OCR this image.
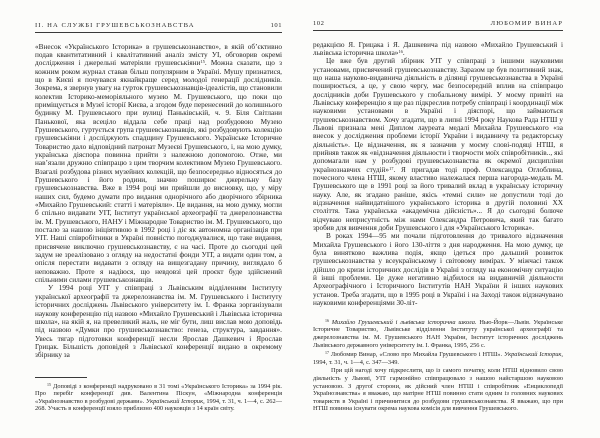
ІІ. НА СЛУЖБІ ГРУШЕВСЬКОЗНАВСТВА	101

«Внесок «Українського Історика» в грушевськознавство», в якій об’єктивно подав квантитативний і квалітативний аналіз змісту УІ, обговорив окремі дослідження і джерельні матеріяли грушевськіяни$^{15}$. Можна сказати, що з кожним роком журнал ставав більш популярним в Україні. Мушу признатися, що в Києві я почувався якнайкраще серед молодої генерації дослідників. Зокрема, я звернув увагу на гурток грушевськознавців-ідеалістів, що становили колектив Історико-меморіяльного музею М. Грушевського, що поки що приміщується в Музеї історії Києва, а згодом буде перенесений до колишнього будинку М. Грушевського при вулиці Паньківській, ч. 9. Біля Світлани Панькової, яка всеціло віддала себе праці над розбудовою Музею Грушевського, гуртується група грушевськознавців, які розбудовують колекцію грушевськіяни і досліджують спадщину Грушевського. Українське Історичне Товариство дало відповідний патронат Музеєві Грушевського, і, на мою думку, українська діяспора повинна прийти з належною допомогою. Отже, ми нав’язали дружню співпрацю з цим творчим колективом Музею Грушевського. Взагалі розбудова різних музейних колекцій, що безпосередньо відносяться до Грушевського і його родини, значно поширює джерельну базу грушевськознавства. Вже в 1994 році ми прийшли до висновку, що, у міру наших сил, будемо думати про видання однорічного або дворічного збірника «Михайло Грушевський: статті і матеріяли». Це видання, на мою думку, могли б спільно видавати УІТ, Інститут української археографії та джерелознавства ім. М. Грушевського, НАНУ і Міжнародне Товариство ім. М. Грушевського, що постало за нашою ініціятивою в 1992 році і діє як автономна організація при УІТ. Наші співробітники в Україні повністю погоджувалися, що таке видання, присвячене виключно грушевськознавству, є на часі. Проте до сьогодні цей задум не зреалізовано з огляду на недостатні фонди УІТ, а видати один том, а опісля перестати видавати з огляду на вищезгадану причину, виглядало б неповажно. Проте я надіюся, що невдовзі цей проєкт буде здійснений спільними силами грушевськознавців.

У 1994 році УІТ у співпраці з Львівським відділенням Інституту української археографії та джерелознавства ім. М. Грушевського і Інституту історичних досліджень Львівського університету ім. І. Франка зорганізували наукову конференцію під назвою «Михайло Грушевський і Львівська історична школа», на якій я, на превеликий жаль, не міг бути, лиш вислав мою доповідь під назвою «Думки про грушевськознавство: генеза, структура, завдання». Увесь тягар підготовки конференції несли Ярослав Дашкевич і Ярослав Грицак. Більшість доповідей з Львівської конференції видано в окремому збірнику за

$^{15}$ Доповіді з конференції надруковано в 31 томі «Українського Історика» за 1994 рік. Про перебіг конференції див. Валентина Піскун, «Міжнародна конференція «Українознавство в розбудові держави». Український Історик, 1994, т. 31, ч. 1—4, с. 262—268. Участь в конференції взяло приблизно 400 науковців з 14 країн світу.

102	ЛЮБОМИР ВИНАР

редакцією Я. Грицака і Я. Дашкевича під назвою «Михайло Грушевський і львівська історична школа»$^{16}$.

Це вже був другий збірник УІТ у співпраці з іншими науковими установами, присвячений грушевськознавству. Заразом це був позитивний знак, що наша науково-видавнича діяльність в ділянці грушевськознавства в Україні поширюється, а це, у свою чергу, має безпосередній вплив на співпрацю дослідників доби Грушевського у глобальному вимірі. У моєму привіті на Львівську конференцію я ще раз підкреслив потребу співпраці і координації між науковими установами в Україні і діяспорі, що займаються грушевськознавством. Хочу згадати, що в липні 1994 року Наукова Рада НТШ у Львові признала мені Диплом лауреата медалі Михайла Грушевського «за внесок у дослідження проблеми історії України і видавничу та редакторську діяльність». Це відзначення, як я зазначив у моєму слові-подяці НТШ, я прийняв також як «відзначення діяльности і творчости моїх співробітників.., які допомагали нам у розбудові грушевськознавства як окремої дисципліни українознавчих студій»$^{17}$. Я пригадав тоді проф. Олександра Оглоблина, почесного члена НТШ, якому властиво належалася перша нагорода-медаль М. Грушевського ще в 1991 році за його тривалий вклад в українську історичну науку. Але, як згадано раніше, якісь «темні сили» не допустили тоді до відзначення найвидатнішого українського історика в другій половині XX століття. Така українська «академічна дійсність»... Я до сьогодні болюче відчуваю неприсутність між нами Олександра Петровича, який так багато зробив для вивчення доби Грушевського і для «Українського Історика».

В роках 1994—95 ми почали підготовлення до тривалого відзначення Михайла Грушевського і його 130-ліття з дня народження. На мою думку, це була винятково важлива подія, якщо ідеться про дальший розвиток грушевськознавства у всеукраїнському і світовому вимірах. У міжчасі також дійшло до кризи історичних дослідів в Україні з огляду на економічну ситуацію й інші проблеми. Це дуже негативно відбилося на видавничій діяльности Археографічного і Історичного Інститутів НАН України й інших наукових установ. Треба згадати, що в 1995 році в Україні і на Заході також відзначувано науковими конференціями 30-літ-

$^{16}$ Михайло Грушевський і львівська історична школа. Нью-Йорк—Львів. Українське Історичне Товариство, Львівське відділення Інституту української археографії та джерелознавства ім. М. Грушевського НАН України, Інститут історичних досліджень Львівського державного університету ім. І. Франка, 1995, 256 с.

$^{17}$ Любомир Винар, «Слово про Михайла Грушевського і НТШ». Український Історик, 1994, т. 31, ч. 1—4, с. 347—349.

При цій нагоді хочу підкреслити, що із самого початку, коли НТШ відновило свою діяльність у Львові, УІТ гармонійно співпрацювало з нашою найстаршою науковою установою. З другої сторони, як дійсний член НТШ і співробітник «Енциклопедії Українознавства» я вважаю, що матірне НТШ повинно стати одним із головних наукових товариств в Україні і причинитися до розбудови грушевськознавства. Я вважаю, що при НТШ повинна існувати окрема наукова комісія для вивчення Грушевського.
